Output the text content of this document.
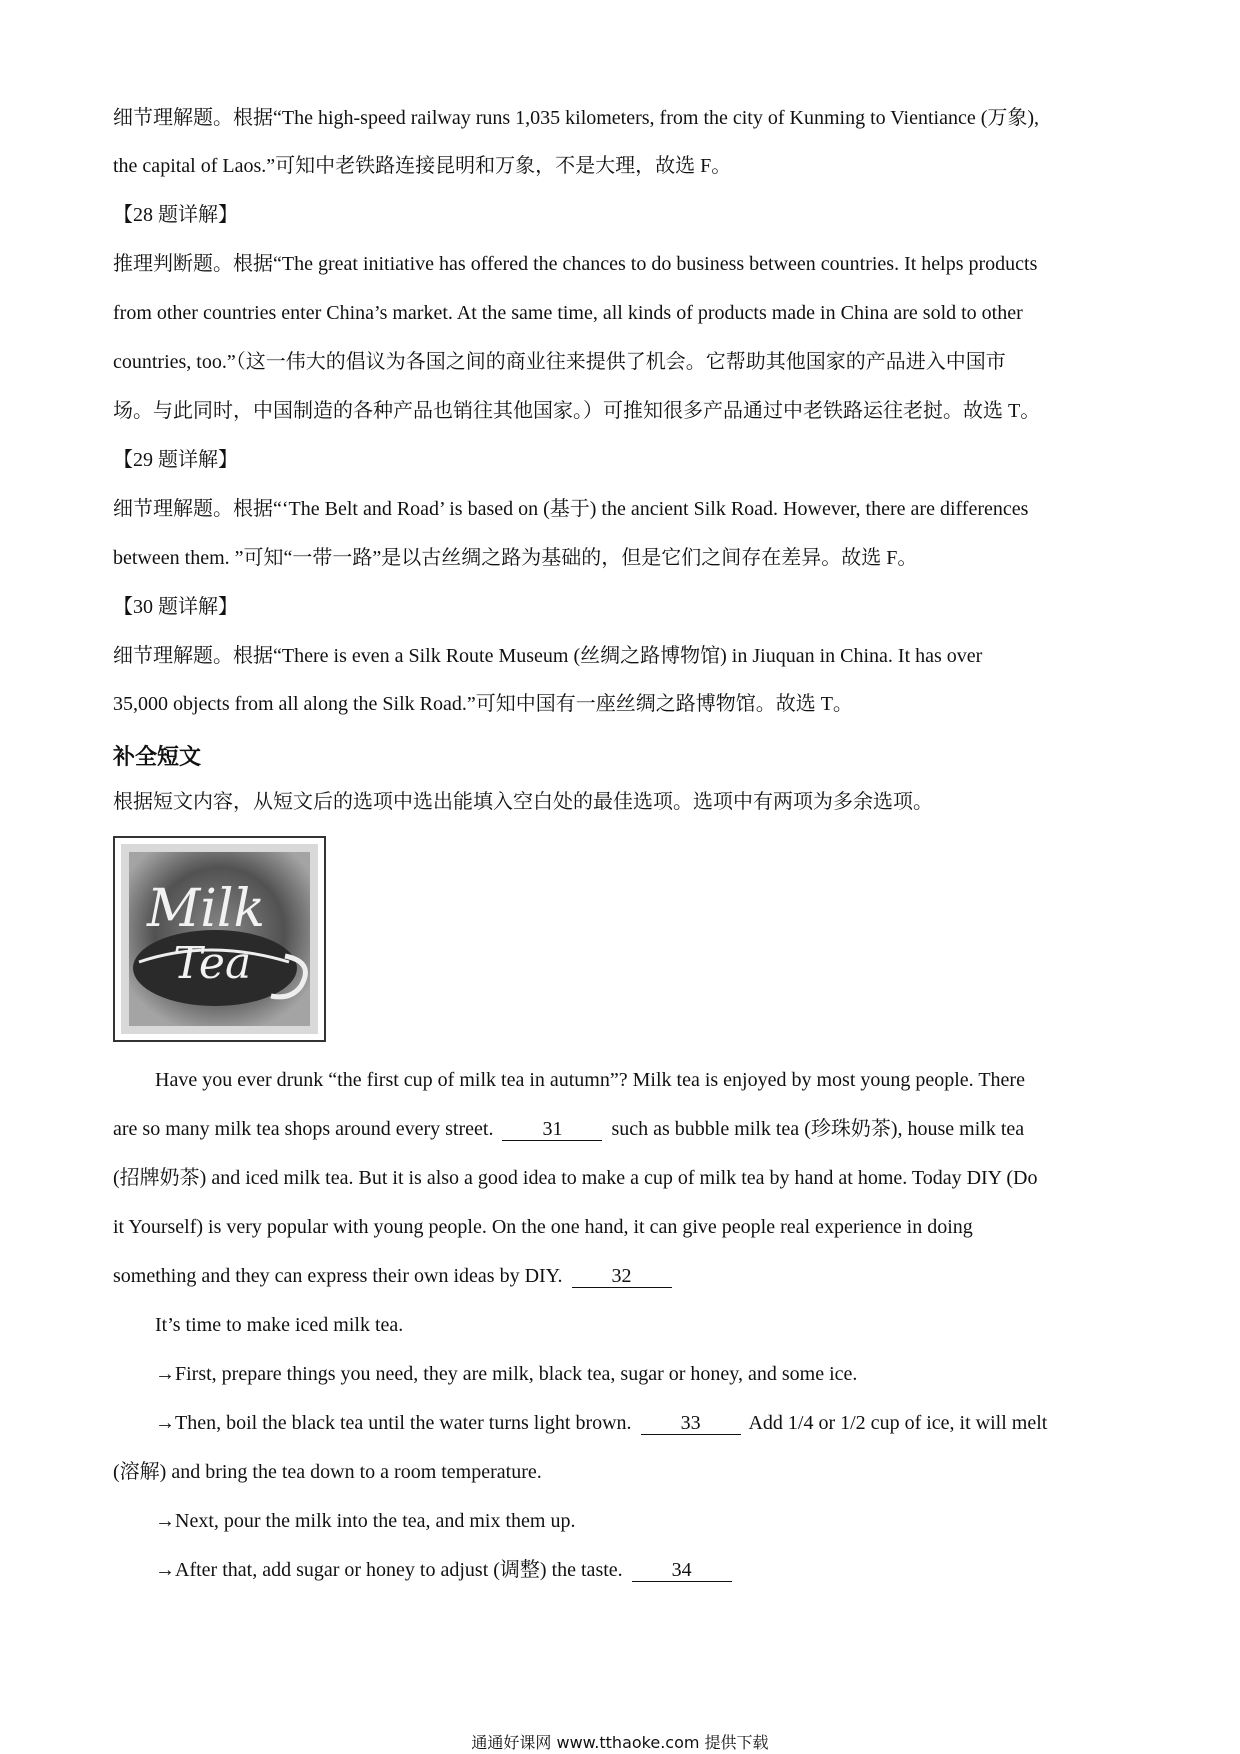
细节理解题。根据“The high-speed railway runs 1,035 kilometers, from the city of Kunming to Vientiance (万象),
the capital of Laos.”可知中老铁路连接昆明和万象，不是大理，故选 F。
【28 题详解】
推理判断题。根据“The great initiative has offered the chances to do business between countries. It helps products
from other countries enter China’s market. At the same time, all kinds of products made in China are sold to other
countries, too.”（这一伟大的倡议为各国之间的商业往来提供了机会。它帮助其他国家的产品进入中国市
场。与此同时，中国制造的各种产品也销往其他国家。）可推知很多产品通过中老铁路运往老挝。故选 T。
【29 题详解】
细节理解题。根据“‘The Belt and Road’ is based on (基于) the ancient Silk Road. However, there are differences
between them. ”可知“一带一路”是以古丝绸之路为基础的，但是它们之间存在差异。故选 F。
【30 题详解】
细节理解题。根据“There is even a Silk Route Museum (丝绸之路博物馆) in Jiuquan in China. It has over
35,000 objects from all along the Silk Road.”可知中国有一座丝绸之路博物馆。故选 T。
补全短文
根据短文内容，从短文后的选项中选出能填入空白处的最佳选项。选项中有两项为多余选项。
Milk
Tea
Have you ever drunk “the first cup of milk tea in autumn”? Milk tea is enjoyed by most young people. There
are so many milk tea shops around every street. 31 such as bubble milk tea (珍珠奶茶), house milk tea
(招牌奶茶) and iced milk tea. But it is also a good idea to make a cup of milk tea by hand at home. Today DIY (Do
it Yourself) is very popular with young people. On the one hand, it can give people real experience in doing
something and they can express their own ideas by DIY. 32
It’s time to make iced milk tea.
→First, prepare things you need, they are milk, black tea, sugar or honey, and some ice.
→Then, boil the black tea until the water turns light brown. 33 Add 1/4 or 1/2 cup of ice, it will melt
(溶解) and bring the tea down to a room temperature.
→Next, pour the milk into the tea, and mix them up.
→After that, add sugar or honey to adjust (调整) the taste. 34
通通好课网 www.tthaoke.com 提供下载
